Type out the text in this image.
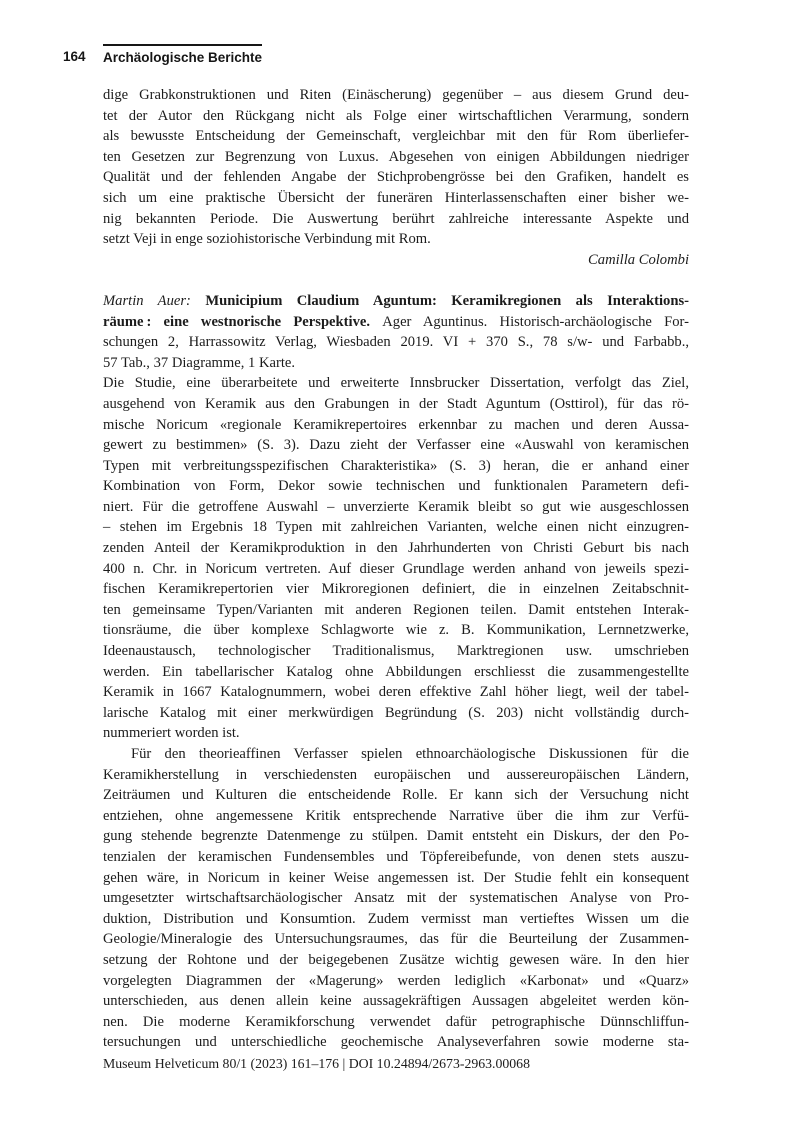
164 Archäologische Berichte
dige Grabkonstruktionen und Riten (Einäscherung) gegenüber – aus diesem Grund deu-
tet der Autor den Rückgang nicht als Folge einer wirtschaftlichen Verarmung, sondern
als bewusste Entscheidung der Gemeinschaft, vergleichbar mit den für Rom überliefer-
ten Gesetzen zur Begrenzung von Luxus. Abgesehen von einigen Abbildungen niedriger
Qualität und der fehlenden Angabe der Stichprobengrösse bei den Grafiken, handelt es
sich um eine praktische Übersicht der funerären Hinterlassenschaften einer bisher we-
nig bekannten Periode. Die Auswertung berührt zahlreiche interessante Aspekte und
setzt Veji in enge soziohistorische Verbindung mit Rom.
Camilla Colombi
Martin Auer: Municipium Claudium Aguntum: Keramikregionen als Interaktions-
räume : eine westnorische Perspektive. Ager Aguntinus. Historisch-archäologische For-
schungen 2, Harrassowitz Verlag, Wiesbaden 2019. VI + 370 S., 78 s/w- und Farbabb.,
57 Tab., 37 Diagramme, 1 Karte.
Die Studie, eine überarbeitete und erweiterte Innsbrucker Dissertation, verfolgt das Ziel,
ausgehend von Keramik aus den Grabungen in der Stadt Aguntum (Osttirol), für das rö-
mische Noricum «regionale Keramikrepertoires erkennbar zu machen und deren Aussa-
gewert zu bestimmen» (S. 3). Dazu zieht der Verfasser eine «Auswahl von keramischen
Typen mit verbreitungsspezifischen Charakteristika» (S. 3) heran, die er anhand einer
Kombination von Form, Dekor sowie technischen und funktionalen Parametern defi-
niert. Für die getroffene Auswahl – unverzierte Keramik bleibt so gut wie ausgeschlossen
– stehen im Ergebnis 18 Typen mit zahlreichen Varianten, welche einen nicht einzugren-
zenden Anteil der Keramikproduktion in den Jahrhunderten von Christi Geburt bis nach
400 n. Chr. in Noricum vertreten. Auf dieser Grundlage werden anhand von jeweils spezi-
fischen Keramikrepertorien vier Mikroregionen definiert, die in einzelnen Zeitabschnit-
ten gemeinsame Typen/Varianten mit anderen Regionen teilen. Damit entstehen Interak-
tionsräume, die über komplexe Schlagworte wie z. B. Kommunikation, Lernnetzwerke,
Ideenaustausch, technologischer Traditionalismus, Marktregionen usw. umschrieben
werden. Ein tabellarischer Katalog ohne Abbildungen erschliesst die zusammengestellte
Keramik in 1667 Katalognummern, wobei deren effektive Zahl höher liegt, weil der tabel-
larische Katalog mit einer merkwürdigen Begründung (S. 203) nicht vollständig durch-
nummeriert worden ist.
Für den theorieaffinen Verfasser spielen ethnoarchäologische Diskussionen für die
Keramikherstellung in verschiedensten europäischen und aussereuropäischen Ländern,
Zeiträumen und Kulturen die entscheidende Rolle. Er kann sich der Versuchung nicht
entziehen, ohne angemessene Kritik entsprechende Narrative über die ihm zur Verfü-
gung stehende begrenzte Datenmenge zu stülpen. Damit entsteht ein Diskurs, der den Po-
tenzialen der keramischen Fundensembles und Töpfereibefunde, von denen stets auszu-
gehen wäre, in Noricum in keiner Weise angemessen ist. Der Studie fehlt ein konsequent
umgesetzter wirtschaftsarchäologischer Ansatz mit der systematischen Analyse von Pro-
duktion, Distribution und Konsumtion. Zudem vermisst man vertieftes Wissen um die
Geologie/Mineralogie des Untersuchungsraumes, das für die Beurteilung der Zusammen-
setzung der Rohtone und der beigegebenen Zusätze wichtig gewesen wäre. In den hier
vorgelegten Diagrammen der «Magerung» werden lediglich «Karbonat» und «Quarz»
unterschieden, aus denen allein keine aussagekräftigen Aussagen abgeleitet werden kön-
nen. Die moderne Keramikforschung verwendet dafür petrographische Dünnschliffun-
tersuchungen und unterschiedliche geochemische Analyseverfahren sowie moderne sta-
Museum Helveticum 80/1 (2023) 161–176 | DOI 10.24894/2673-2963.00068
